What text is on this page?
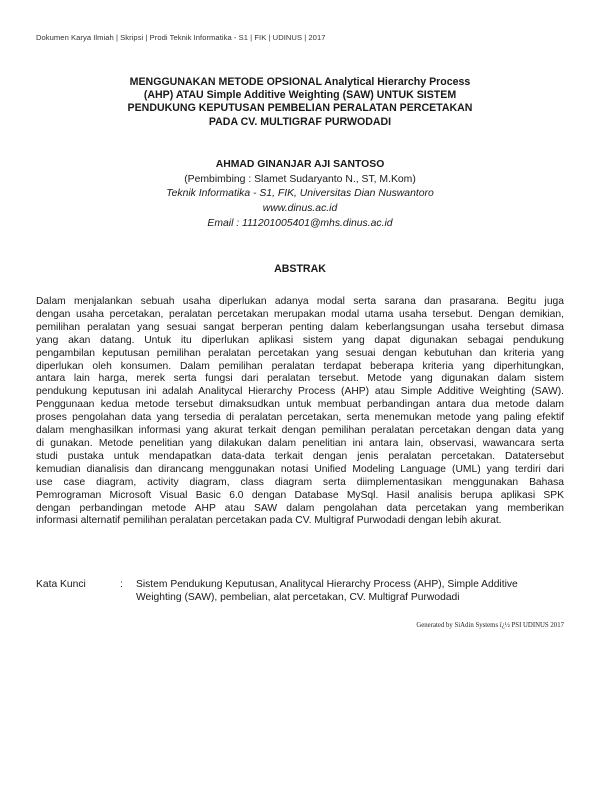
Dokumen Karya Ilmiah | Skripsi | Prodi Teknik Informatika - S1 | FIK | UDINUS | 2017
MENGGUNAKAN METODE OPSIONAL Analytical Hierarchy Process
(AHP) ATAU Simple Additive Weighting (SAW) UNTUK SISTEM
PENDUKUNG KEPUTUSAN PEMBELIAN PERALATAN PERCETAKAN
PADA CV. MULTIGRAF PURWODADI
AHMAD GINANJAR AJI SANTOSO
(Pembimbing : Slamet Sudaryanto N., ST, M.Kom)
Teknik Informatika - S1, FIK, Universitas Dian Nuswantoro
www.dinus.ac.id
Email : 111201005401@mhs.dinus.ac.id
ABSTRAK
Dalam menjalankan sebuah usaha diperlukan adanya modal serta sarana dan prasarana. Begitu juga
dengan usaha percetakan, peralatan percetakan merupakan modal utama usaha tersebut. Dengan demikian,
pemilihan peralatan yang sesuai sangat berperan penting dalam keberlangsungan usaha tersebut dimasa
yang akan datang. Untuk itu diperlukan aplikasi sistem yang dapat digunakan sebagai pendukung
pengambilan keputusan pemilihan peralatan percetakan yang sesuai dengan kebutuhan dan kriteria yang
diperlukan oleh konsumen. Dalam pemilihan peralatan terdapat beberapa kriteria yang diperhitungkan,
antara lain harga, merek serta fungsi dari peralatan tersebut. Metode yang digunakan dalam sistem
pendukung keputusan ini adalah Analitycal Hierarchy Process (AHP) atau Simple Additive Weighting (SAW).
Penggunaan kedua metode tersebut dimaksudkan untuk membuat perbandingan antara dua metode dalam
proses pengolahan data yang tersedia di peralatan percetakan, serta menemukan metode yang paling efektif
dalam menghasilkan informasi yang akurat terkait dengan pemilihan peralatan percetakan dengan data yang
di gunakan. Metode penelitian yang dilakukan dalam penelitian ini antara lain, observasi, wawancara serta
studi pustaka untuk mendapatkan data-data terkait dengan jenis peralatan percetakan. Datatersebut
kemudian dianalisis dan dirancang menggunakan notasi Unified Modeling Language (UML) yang terdiri dari
use case diagram, activity diagram, class diagram serta diimplementasikan menggunakan Bahasa
Pemrograman Microsoft Visual Basic 6.0 dengan Database MySql. Hasil analisis berupa aplikasi SPK
dengan perbandingan metode AHP atau SAW dalam pengolahan data percetakan yang memberikan
informasi alternatif pemilihan peralatan percetakan pada CV. Multigraf Purwodadi dengan lebih akurat.
Kata Kunci	: Sistem Pendukung Keputusan, Analitycal Hierarchy Process (AHP), Simple Additive
Weighting (SAW), pembelian, alat percetakan, CV. Multigraf Purwodadi
Generated by SiAdin Systems ï¿½ PSI UDINUS 2017
